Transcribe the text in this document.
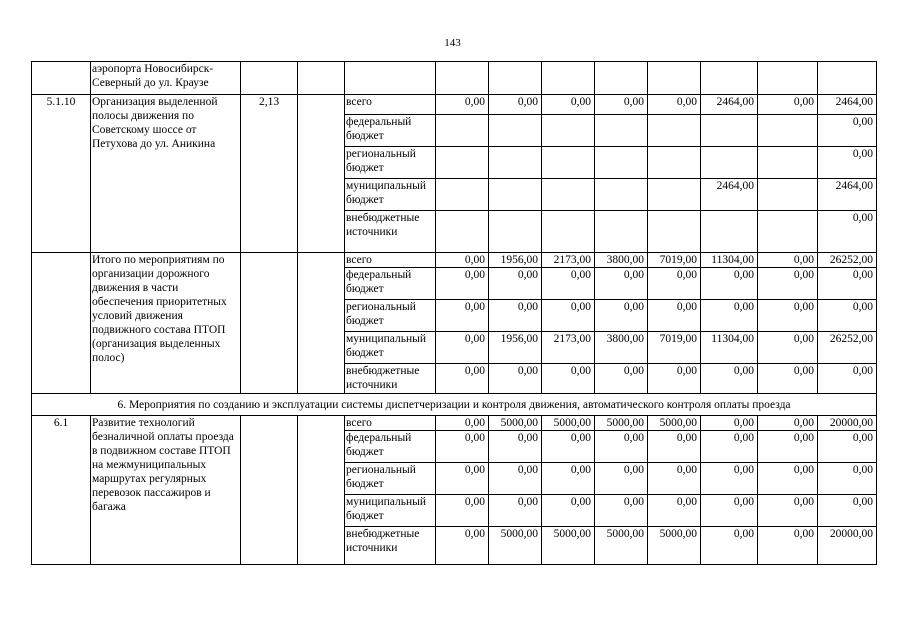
143
	аэропорта Новосибирск-Северный до ул. Краузе											
5.1.10	Организация выделенной полосы движения по Советскому шоссе от Петухова до ул. Аникина	2,13		всего	0,00	0,00	0,00	0,00	0,00	2464,00	0,00	2464,00
				федеральный бюджет								0,00
				региональный бюджет								0,00
				муниципальный бюджет						2464,00		2464,00
				внебюджетные источники								0,00
	Итого по мероприятиям по организации дорожного движения в части обеспечения приоритетных условий движения подвижного состава ПТОП (организация выделенных полос)			всего	0,00	1956,00	2173,00	3800,00	7019,00	11304,00	0,00	26252,00
				федеральный бюджет	0,00	0,00	0,00	0,00	0,00	0,00	0,00	0,00
				региональный бюджет	0,00	0,00	0,00	0,00	0,00	0,00	0,00	0,00
				муниципальный бюджет	0,00	1956,00	2173,00	3800,00	7019,00	11304,00	0,00	26252,00
				внебюджетные источники	0,00	0,00	0,00	0,00	0,00	0,00	0,00	0,00
6. Мероприятия по созданию и эксплуатации системы диспетчеризации и контроля движения, автоматического контроля оплаты проезда												
6.1	Развитие технологий безналичной оплаты проезда в подвижном составе ПТОП на межмуниципальных маршрутах регулярных перевозок пассажиров и багажа			всего	0,00	5000,00	5000,00	5000,00	5000,00	0,00	0,00	20000,00
				федеральный бюджет	0,00	0,00	0,00	0,00	0,00	0,00	0,00	0,00
				региональный бюджет	0,00	0,00	0,00	0,00	0,00	0,00	0,00	0,00
				муниципальный бюджет	0,00	0,00	0,00	0,00	0,00	0,00	0,00	0,00
				внебюджетные источники	0,00	5000,00	5000,00	5000,00	5000,00	0,00	0,00	20000,00
